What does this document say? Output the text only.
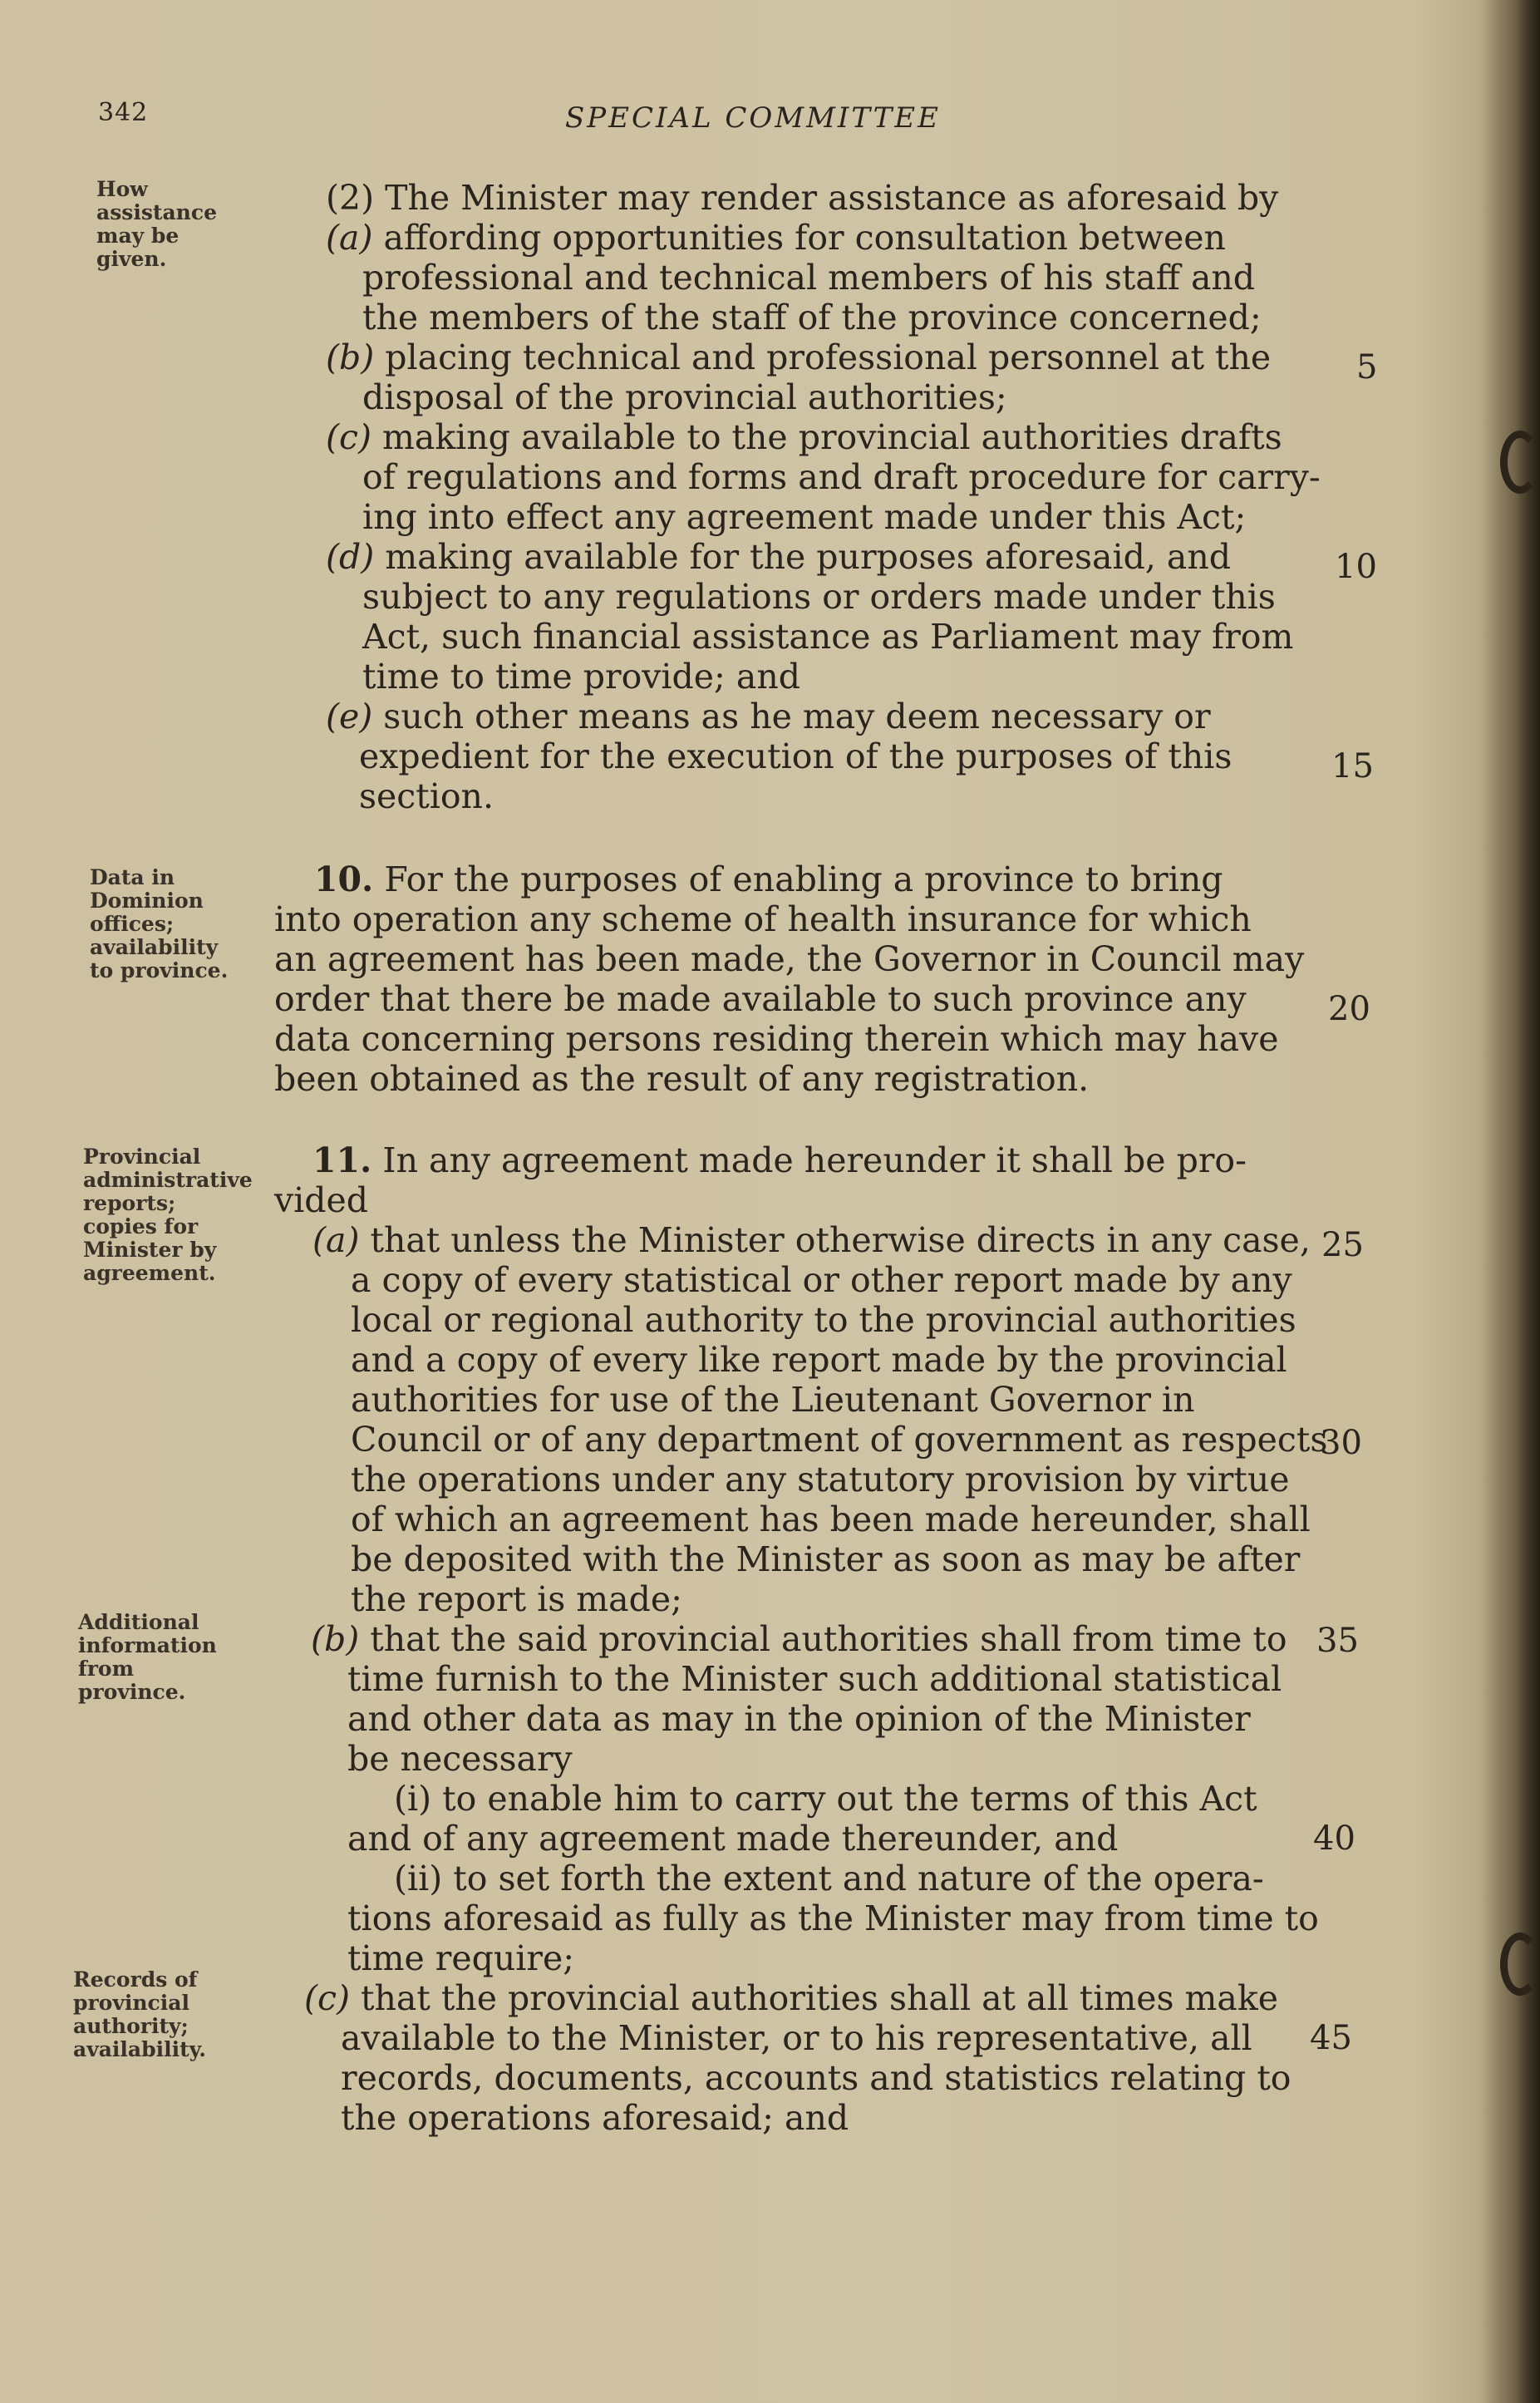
342	SPECIAL COMMITTEE
How assistance may be given.
Data in Dominion offices; availability to province.
Provincial administrative reports; copies for Minister by agreement.
Additional information from province.
Records of provincial authority; availability.
(2) The Minister may render assistance as aforesaid by
(a) affording opportunities for consultation between
professional and technical members of his staff and
the members of the staff of the province concerned;
(b) placing technical and professional personnel at the
disposal of the provincial authorities;
(c) making available to the provincial authorities drafts
of regulations and forms and draft procedure for carry-
ing into effect any agreement made under this Act;
(d) making available for the purposes aforesaid, and
subject to any regulations or orders made under this
Act, such financial assistance as Parliament may from
time to time provide; and
(e) such other means as he may deem necessary or
expedient for the execution of the purposes of this
section.
10. For the purposes of enabling a province to bring
into operation any scheme of health insurance for which
an agreement has been made, the Governor in Council may
order that there be made available to such province any
data concerning persons residing therein which may have
been obtained as the result of any registration.
11. In any agreement made hereunder it shall be pro-
vided
(a) that unless the Minister otherwise directs in any case,
a copy of every statistical or other report made by any
local or regional authority to the provincial authorities
and a copy of every like report made by the provincial
authorities for use of the Lieutenant Governor in
Council or of any department of government as respects
the operations under any statutory provision by virtue
of which an agreement has been made hereunder, shall
be deposited with the Minister as soon as may be after
the report is made;
(b) that the said provincial authorities shall from time to
time furnish to the Minister such additional statistical
and other data as may in the opinion of the Minister
be necessary
(i) to enable him to carry out the terms of this Act
and of any agreement made thereunder, and
(ii) to set forth the extent and nature of the opera-
tions aforesaid as fully as the Minister may from time to
time require;
(c) that the provincial authorities shall at all times make
available to the Minister, or to his representative, all
records, documents, accounts and statistics relating to
the operations aforesaid; and
5
10
15
20
25
30
35
40
45
